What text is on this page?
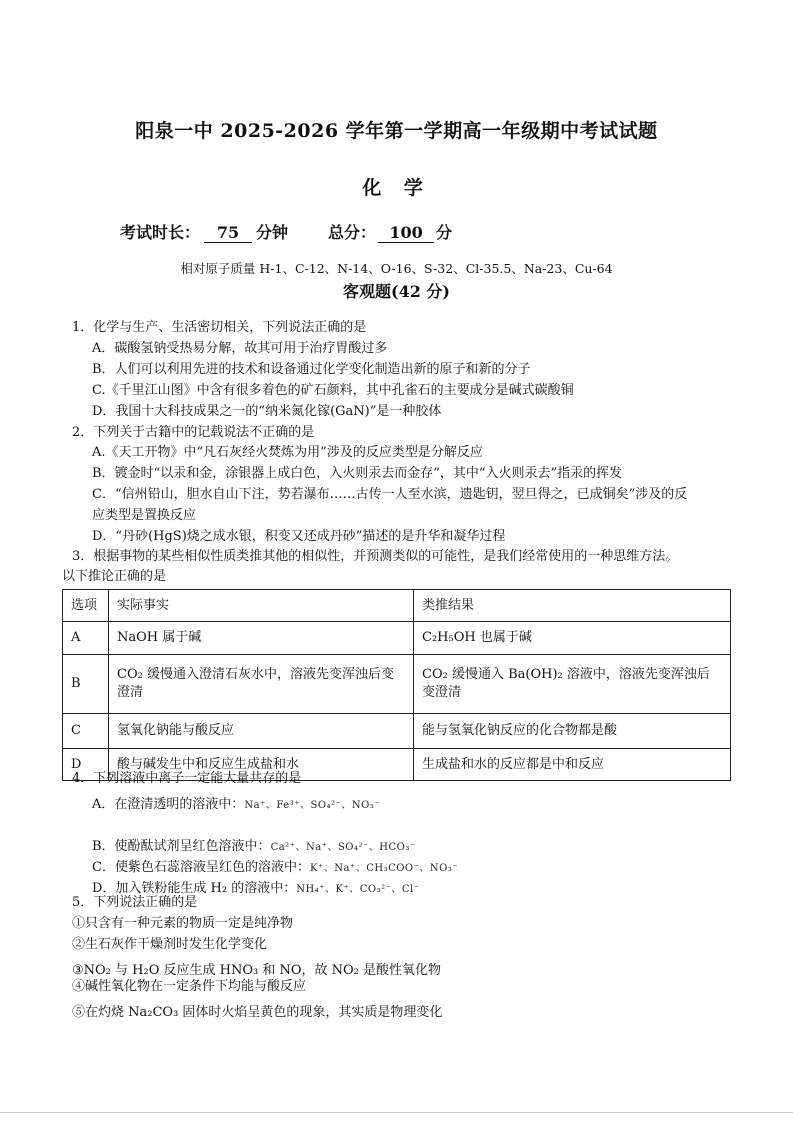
阳泉一中 2025-2026 学年第一学期高一年级期中考试试题
化 学
考试时长： 75 分钟	总分： 100 分
相对原子质量 H-1、C-12、N-14、O-16、S-32、Cl-35.5、Na-23、Cu-64
客观题(42 分)
1．化学与生产、生活密切相关，下列说法正确的是
A．碳酸氢钠受热易分解，故其可用于治疗胃酸过多
B．人们可以利用先进的技术和设备通过化学变化制造出新的原子和新的分子
C.《千里江山图》中含有很多着色的矿石颜料，其中孔雀石的主要成分是碱式碳酸铜
D．我国十大科技成果之一的“纳米氮化镓(GaN)”是一种胶体
2．下列关于古籍中的记载说法不正确的是
A.《天工开物》中“凡石灰经火焚炼为用”涉及的反应类型是分解反应
B．镀金时“以汞和金，涂银器上成白色，入火则汞去而金存”，其中“入火则汞去”指汞的挥发
C．“信州铅山，胆水自山下注，势若瀑布……古传一人至水滨，遗匙钥，翌旦得之，已成铜矣”涉及的反
应类型是置换反应
D．“丹砂(HgS)烧之成水银，积变又还成丹砂”描述的是升华和凝华过程
3．根据事物的某些相似性质类推其他的相似性，并预测类似的可能性，是我们经常使用的一种思维方法。
以下推论正确的是
选项	实际事实	类推结果
A	NaOH 属于碱	C₂H₅OH 也属于碱
B	CO₂ 缓慢通入澄清石灰水中，溶液先变浑浊后变澄清	CO₂ 缓慢通入 Ba(OH)₂ 溶液中，溶液先变浑浊后变澄清
C	氢氧化钠能与酸反应	能与氢氧化钠反应的化合物都是酸
D	酸与碱发生中和反应生成盐和水	生成盐和水的反应都是中和反应
4．下列溶液中离子一定能大量共存的是
A．在澄清透明的溶液中：Na⁺、Fe³⁺、SO₄²⁻、NO₃⁻
B．使酚酞试剂呈红色溶液中：Ca²⁺、Na⁺、SO₄²⁻、HCO₃⁻
C．使紫色石蕊溶液呈红色的溶液中：K⁺、Na⁺、CH₃COO⁻、NO₃⁻
D．加入铁粉能生成 H₂ 的溶液中：NH₄⁺、K⁺、CO₃²⁻、Cl⁻
5．下列说法正确的是
①只含有一种元素的物质一定是纯净物
②生石灰作干燥剂时发生化学变化
③NO₂ 与 H₂O 反应生成 HNO₃ 和 NO，故 NO₂ 是酸性氧化物
④碱性氧化物在一定条件下均能与酸反应
⑤在灼烧 Na₂CO₃ 固体时火焰呈黄色的现象，其实质是物理变化
